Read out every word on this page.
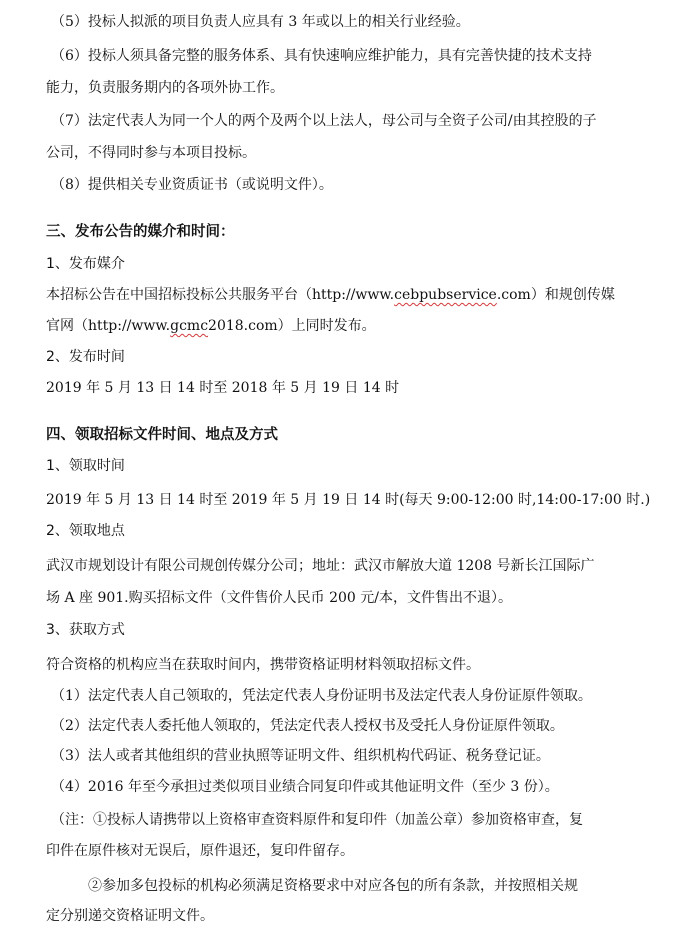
（5）投标人拟派的项目负责人应具有 3 年或以上的相关行业经验。
（6）投标人须具备完整的服务体系、具有快速响应维护能力，具有完善快捷的技术支持
能力，负责服务期内的各项外协工作。
（7）法定代表人为同一个人的两个及两个以上法人，母公司与全资子公司/由其控股的子
公司，不得同时参与本项目投标。
（8）提供相关专业资质证书（或说明文件）。
三、发布公告的媒介和时间：
1、发布媒介
本招标公告在中国招标投标公共服务平台（http://www.cebpubservice.com）和规创传媒
官网（http://www.gcmc2018.com）上同时发布。
2、发布时间
2019 年 5 月 13 日 14 时至 2018 年 5 月 19 日 14 时
四、领取招标文件时间、地点及方式
1、领取时间
2019 年 5 月 13 日 14 时至 2019 年 5 月 19 日 14 时(每天 9:00-12:00 时,14:00-17:00 时.)
2、领取地点
武汉市规划设计有限公司规创传媒分公司；地址：武汉市解放大道 1208 号新长江国际广
场 A 座 901.购买招标文件（文件售价人民币 200 元/本，文件售出不退）。
3、获取方式
符合资格的机构应当在获取时间内，携带资格证明材料领取招标文件。
（1）法定代表人自己领取的，凭法定代表人身份证明书及法定代表人身份证原件领取。
（2）法定代表人委托他人领取的，凭法定代表人授权书及受托人身份证原件领取。
（3）法人或者其他组织的营业执照等证明文件、组织机构代码证、税务登记证。
（4）2016 年至今承担过类似项目业绩合同复印件或其他证明文件（至少 3 份）。
（注：①投标人请携带以上资格审查资料原件和复印件（加盖公章）参加资格审查，复
印件在原件核对无误后，原件退还，复印件留存。
②参加多包投标的机构必须满足资格要求中对应各包的所有条款，并按照相关规
定分别递交资格证明文件。
